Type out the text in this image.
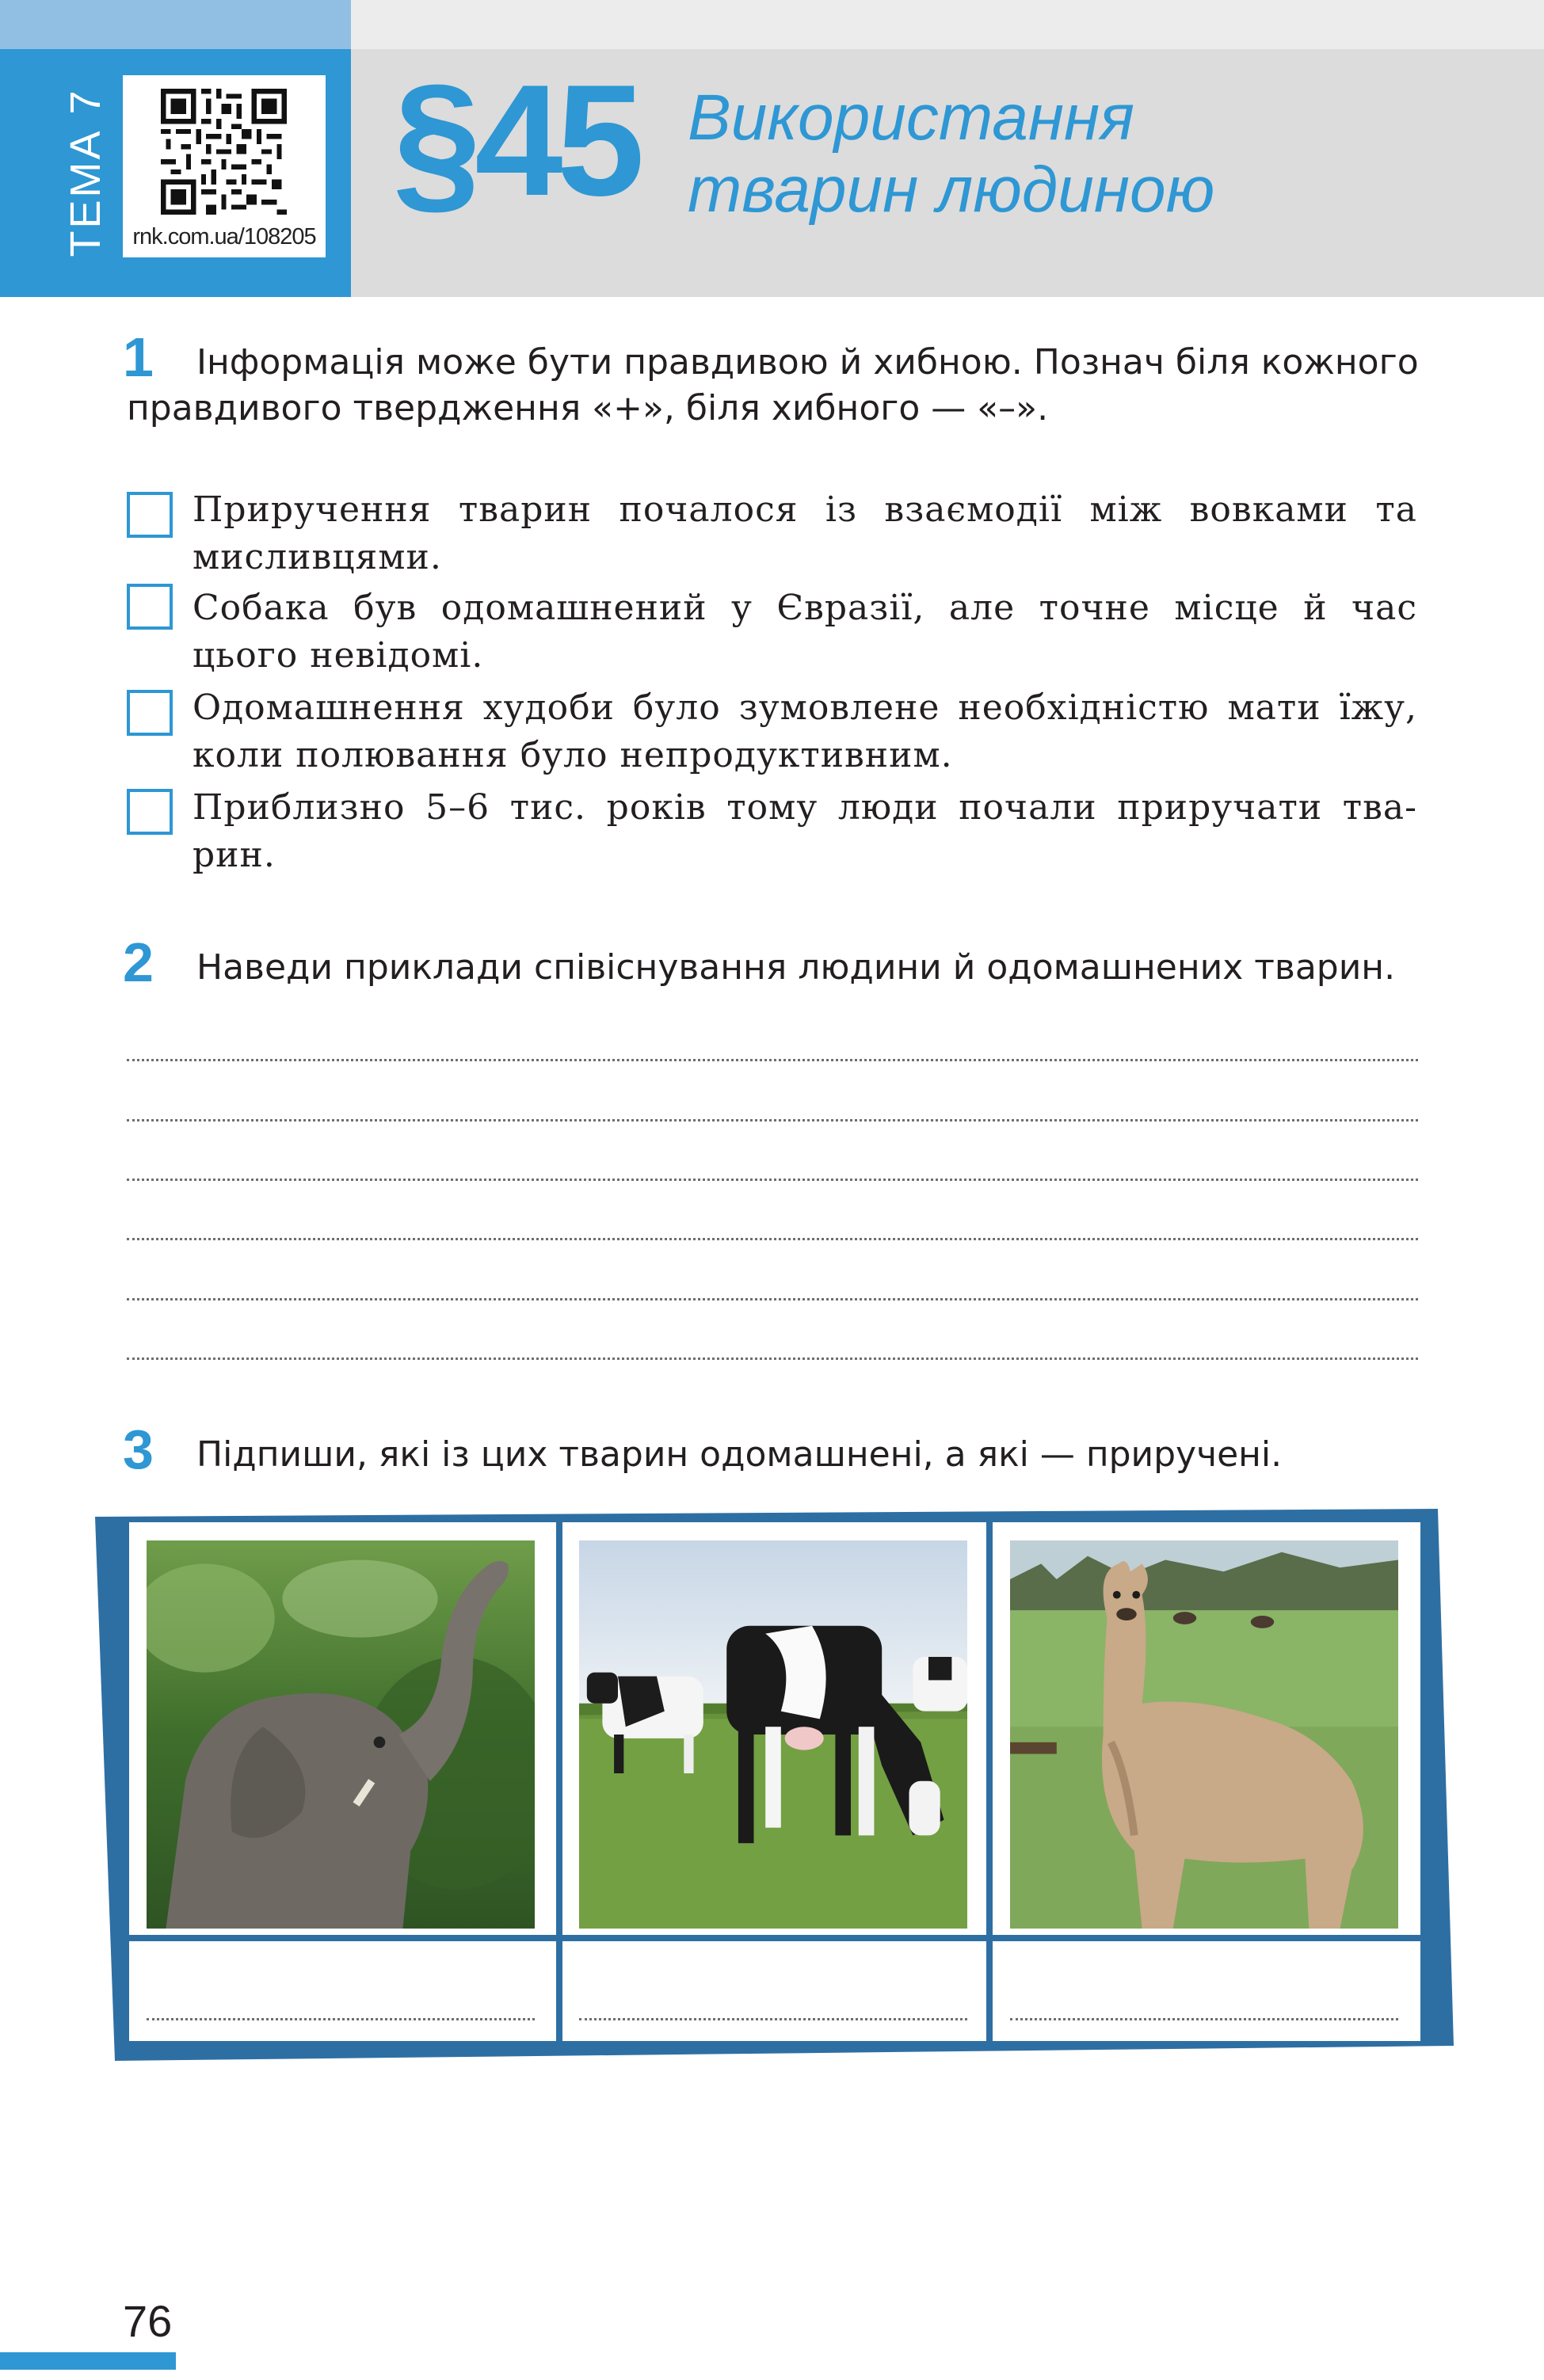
ТЕМА 7	rnk.com.ua/108205
§45 Використання
тварин людиною
1	Інформація може бути правдивою й хибною. Познач біля кожного
правдивого твердження «+», біля хибного — «–».
Приручення тварин почалося із взаємодії між вовками та
мисливцями.
Собака був одомашнений у Євразії, але точне місце й час
цього невідомі.
Одомашнення худоби було зумовлене необхідністю мати їжу,
коли полювання було непродуктивним.
Приблизно 5–6 тис. років тому люди почали приручати тва-
рин.
2 Наведи приклади співіснування людини й одомашнених тварин.
3 Підпиши, які із цих тварин одомашнені, а які — приручені.
76
